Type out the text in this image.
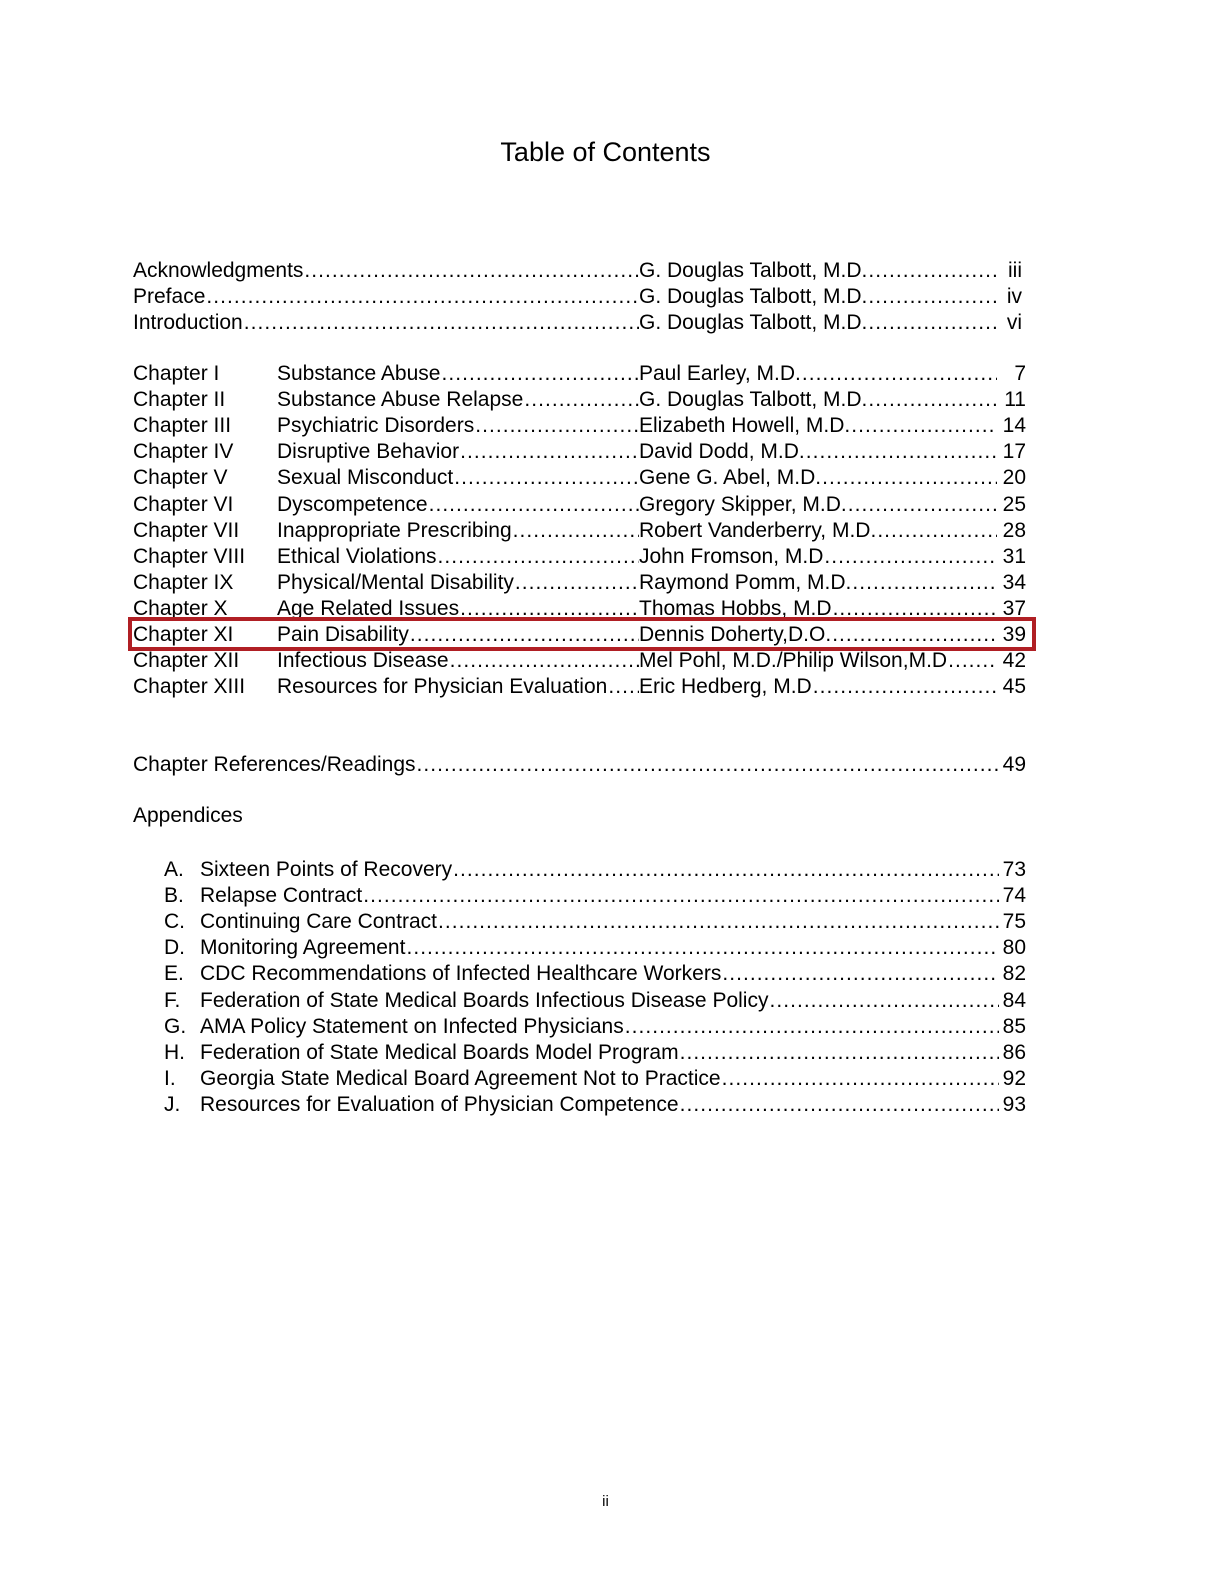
Table of Contents
Acknowledgments . . .	G. Douglas Talbott, M.D. . . .	iii
Preface . . .	G. Douglas Talbott, M.D. . . .	iv
Introduction . . .	G. Douglas Talbott, M.D. . . .	vi
Chapter I	Substance Abuse . . .	Paul Earley, M.D. . . .	7
Chapter II Substance Abuse Relapse . . .	G. Douglas Talbott, M.D. . . .	11
Chapter III Psychiatric Disorders . . .	Elizabeth Howell, M.D. . . .	14
Chapter IV Disruptive Behavior . . .	David Dodd, M.D. . . .	17
Chapter V Sexual Misconduct . . .	Gene G. Abel, M.D. . . .	20
Chapter VI Dyscompetence . . .	Gregory Skipper, M.D. . . .	25
Chapter VII Inappropriate Prescribing . . .	Robert Vanderberry, M.D. . . .	28
Chapter VIII Ethical Violations . . .	John Fromson, M.D . . .	31
Chapter IX Physical/Mental Disability . . .	Raymond Pomm, M.D. . . .	34
Chapter X Age Related Issues . . .	Thomas Hobbs, M.D . . .	37
Chapter XI Pain Disability . . .	Dennis Doherty,D.O. . . .	39
Chapter XII Infectious Disease . . .	Mel Pohl, M.D./Philip Wilson,M.D . . .	42
Chapter XIII Resources for Physician Evaluation . . . Eric Hedberg, M.D . . .	45
Chapter References/Readings . . .	49
Appendices
A. Sixteen Points of Recovery . . .	73
B. Relapse Contract . . .	74
C. Continuing Care Contract . . .	75
D. Monitoring Agreement . . .	80
E. CDC Recommendations of Infected Healthcare Workers . . .	82
F. Federation of State Medical Boards Infectious Disease Policy . . .	84
G. AMA Policy Statement on Infected Physicians . . .	85
H. Federation of State Medical Boards Model Program . . .	86
I. Georgia State Medical Board Agreement Not to Practice . . .	92
J. Resources for Evaluation of Physician Competence . . .	93
ii
